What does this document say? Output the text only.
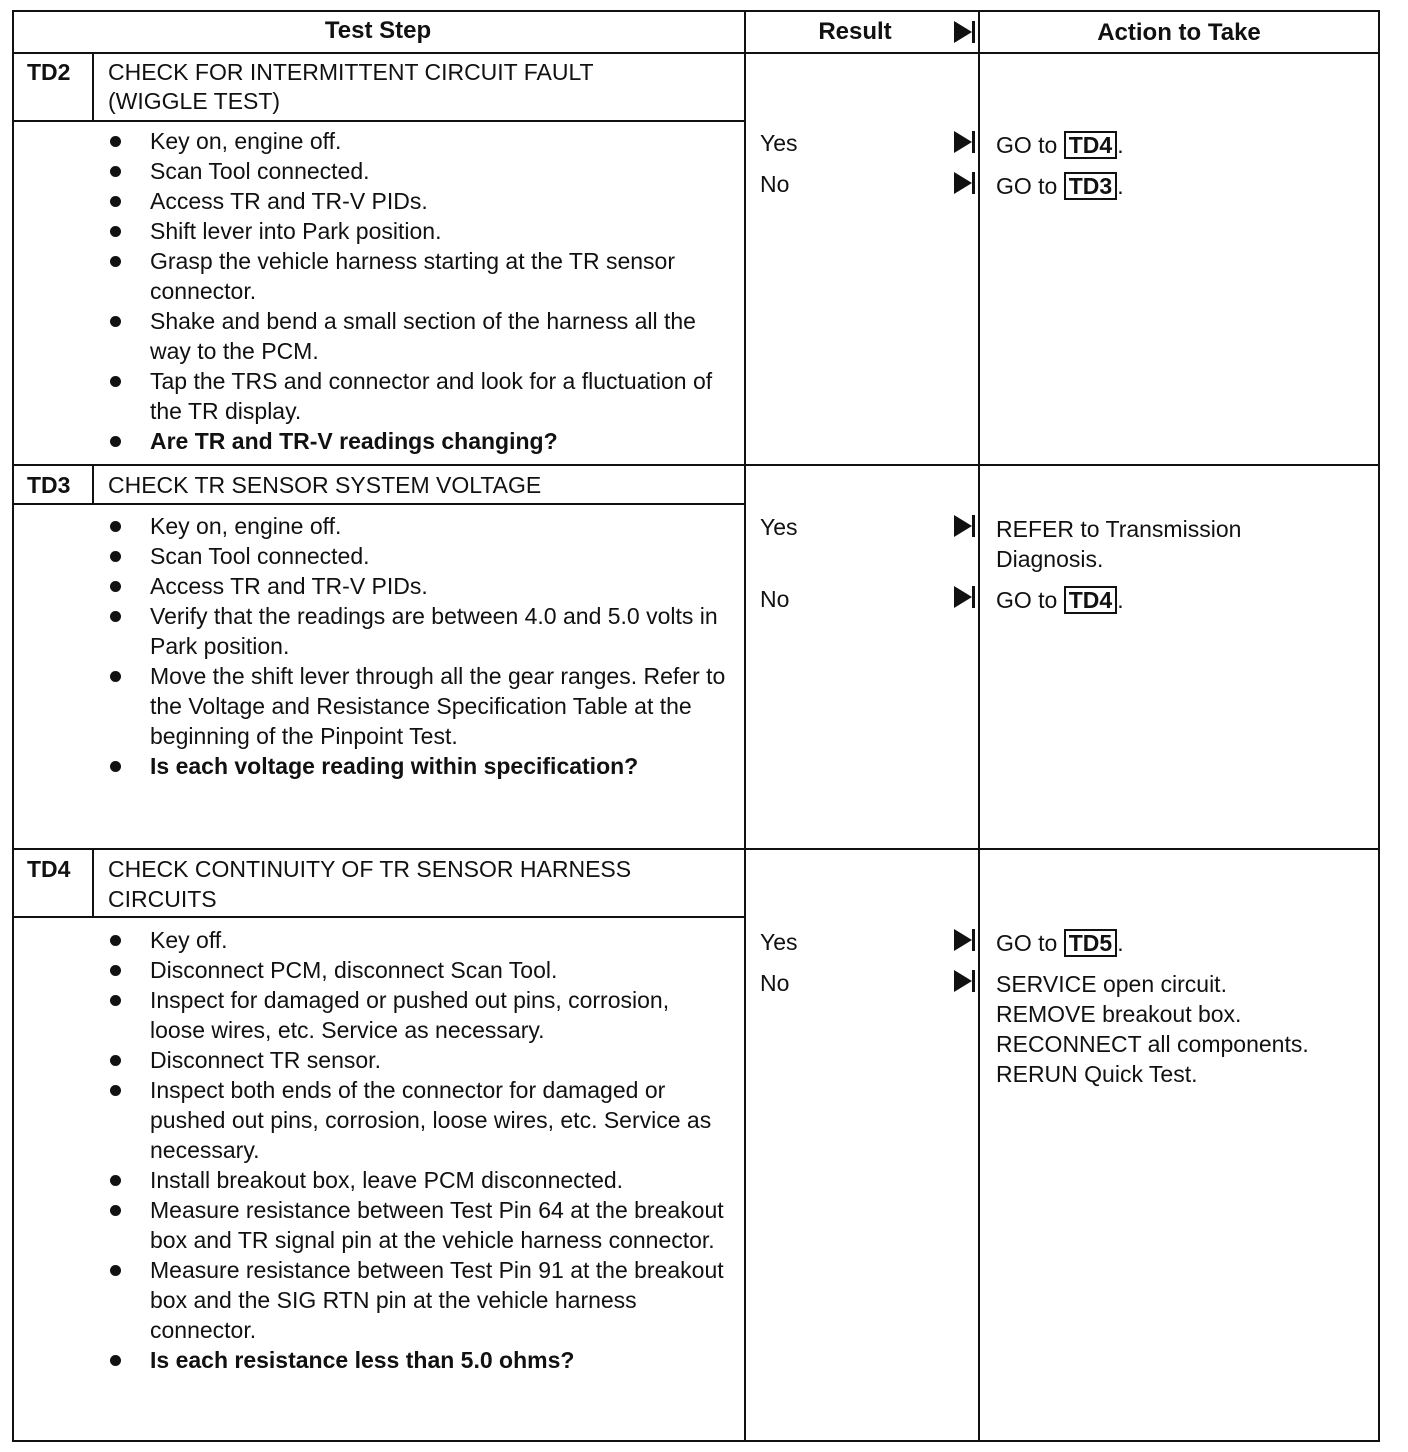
Test Step	Result	Action to Take
TD2 CHECK FOR INTERMITTENT CIRCUIT FAULT
(WIGGLE TEST)
Key on, engine off.
Scan Tool connected.
Access TR and TR-V PIDs.
Shift lever into Park position.
Grasp the vehicle harness starting at the TR sensor connector.
Shake and bend a small section of the harness all the way to the PCM.
Tap the TRS and connector and look for a fluctuation of the TR display.
Are TR and TR-V readings changing?
Yes	GO to TD4 .
No	GO to TD3 .
TD3 CHECK TR SENSOR SYSTEM VOLTAGE
Key on, engine off.
Scan Tool connected.
Access TR and TR-V PIDs.
Verify that the readings are between 4.0 and 5.0 volts in Park position.
Move the shift lever through all the gear ranges. Refer to the Voltage and Resistance Specification Table at the beginning of the Pinpoint Test.
Is each voltage reading within specification?
Yes	REFER to Transmission
Diagnosis.
No	GO to TD4 .
TD4 CHECK CONTINUITY OF TR SENSOR HARNESS
CIRCUITS
Key off.
Disconnect PCM, disconnect Scan Tool.
Inspect for damaged or pushed out pins, corrosion, loose wires, etc. Service as necessary.
Disconnect TR sensor.
Inspect both ends of the connector for damaged or pushed out pins, corrosion, loose wires, etc. Service as necessary.
Install breakout box, leave PCM disconnected.
Measure resistance between Test Pin 64 at the breakout box and TR signal pin at the vehicle harness connector.
Measure resistance between Test Pin 91 at the breakout box and the SIG RTN pin at the vehicle harness connector.
Is each resistance less than 5.0 ohms?
Yes	GO to TD5 .
No	SERVICE open circuit.
REMOVE breakout box.
RECONNECT all components.
RERUN Quick Test.
